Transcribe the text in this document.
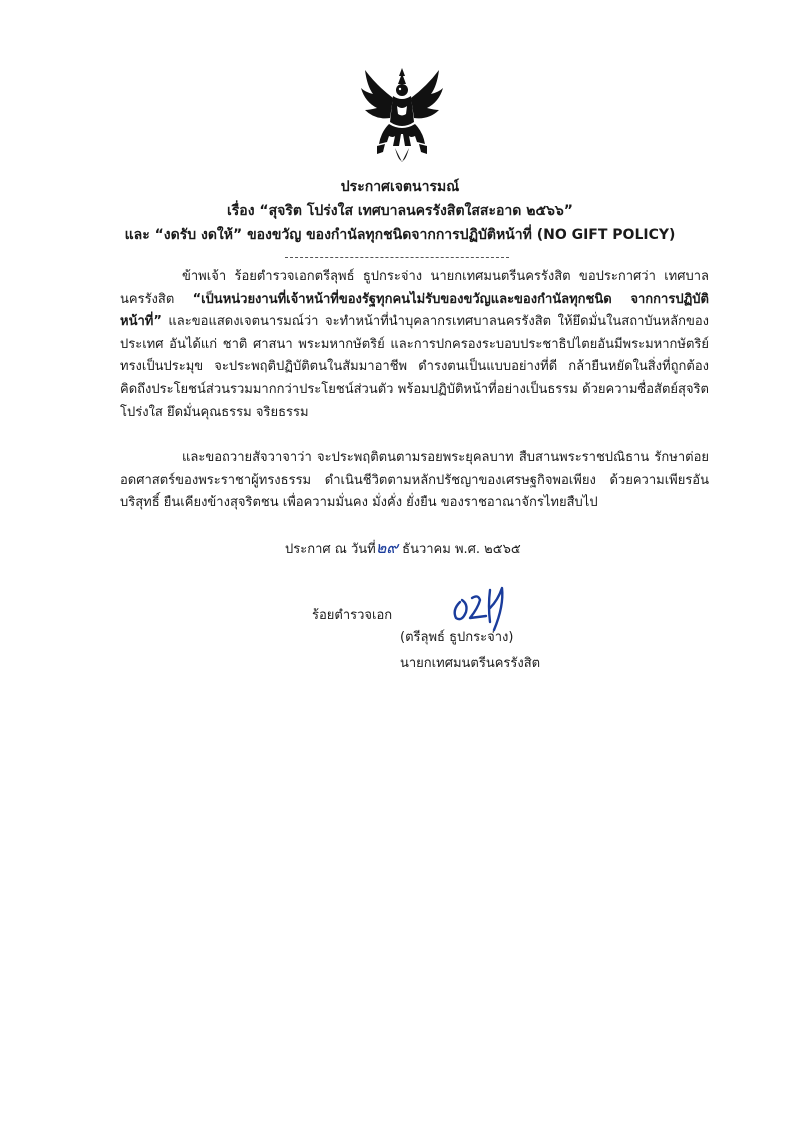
ประกาศเจตนารมณ์
เรื่อง “สุจริต โปร่งใส เทศบาลนครรังสิตใสสะอาด ๒๕๖๖”
และ “งดรับ งดให้” ของขวัญ ของกำนัลทุกชนิดจากการปฏิบัติหน้าที่ (NO GIFT POLICY)
ข้าพเจ้า ร้อยตำรวจเอกตรีลุพธ์ ธูปกระจ่าง นายกเทศมนตรีนครรังสิต ขอประกาศว่า เทศบาลนครรังสิต “เป็นหน่วยงานที่เจ้าหน้าที่ของรัฐทุกคนไม่รับของขวัญและของกำนัลทุกชนิด จากการปฏิบัติหน้าที่” และขอแสดงเจตนารมณ์ว่า จะทำหน้าที่นำบุคลากรเทศบาลนครรังสิต ให้ยึดมั่นในสถาบันหลักของประเทศ อันได้แก่ ชาติ ศาสนา พระมหากษัตริย์ และการปกครองระบอบประชาธิปไตยอันมีพระมหากษัตริย์ทรงเป็นประมุข จะประพฤติปฏิบัติตนในสัมมาอาชีพ ดำรงตนเป็นแบบอย่างที่ดี กล้ายืนหยัดในสิ่งที่ถูกต้อง คิดถึงประโยชน์ส่วนรวมมากกว่าประโยชน์ส่วนตัว พร้อมปฏิบัติหน้าที่อย่างเป็นธรรม ด้วยความซื่อสัตย์สุจริต โปร่งใส ยึดมั่นคุณธรรม จริยธรรม
และขอถวายสัจวาจาว่า จะประพฤติตนตามรอยพระยุคลบาท สืบสานพระราชปณิธาน รักษาต่อยอดศาสตร์ของพระราชาผู้ทรงธรรม ดำเนินชีวิตตามหลักปรัชญาของเศรษฐกิจพอเพียง ด้วยความเพียรอันบริสุทธิ์ ยืนเคียงข้างสุจริตชน เพื่อความมั่นคง มั่งคั่ง ยั่งยืน ของราชอาณาจักรไทยสืบไป
ประกาศ ณ วันที่๒๙ ธันวาคม พ.ศ. ๒๕๖๕
ร้อยตำรวจเอก
(ตรีลุพธ์ ธูปกระจ่าง)
นายกเทศมนตรีนครรังสิต
